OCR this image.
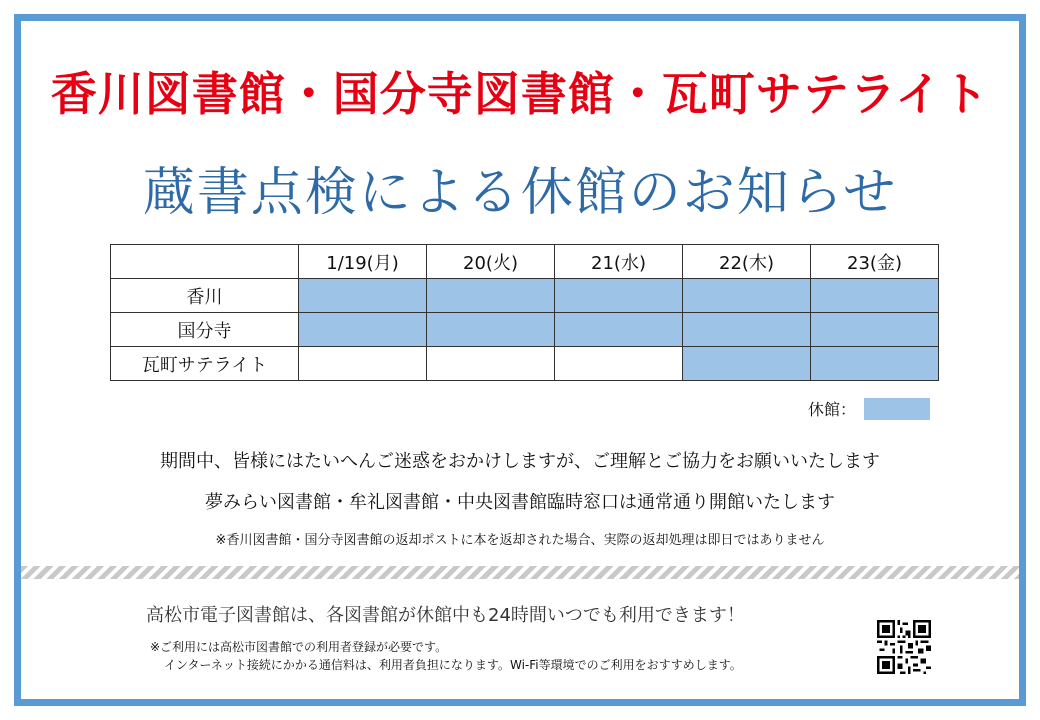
香川図書館・国分寺図書館・瓦町サテライト
蔵書点検による休館のお知らせ
	1/19(月)	20(火)	21(水)	22(木)	23(金)
香川					
国分寺					
瓦町サテライト					
休館：
期間中、皆様にはたいへんご迷惑をおかけしますが、ご理解とご協力をお願いいたします
夢みらい図書館・牟礼図書館・中央図書館臨時窓口は通常通り開館いたします
※香川図書館・国分寺図書館の返却ポストに本を返却された場合、実際の返却処理は即日ではありません
高松市電子図書館は、各図書館が休館中も24時間いつでも利用できます！
※ご利用には高松市図書館での利用者登録が必要です。
インターネット接続にかかる通信料は、利用者負担になります。Wi-Fi等環境でのご利用をおすすめします。
